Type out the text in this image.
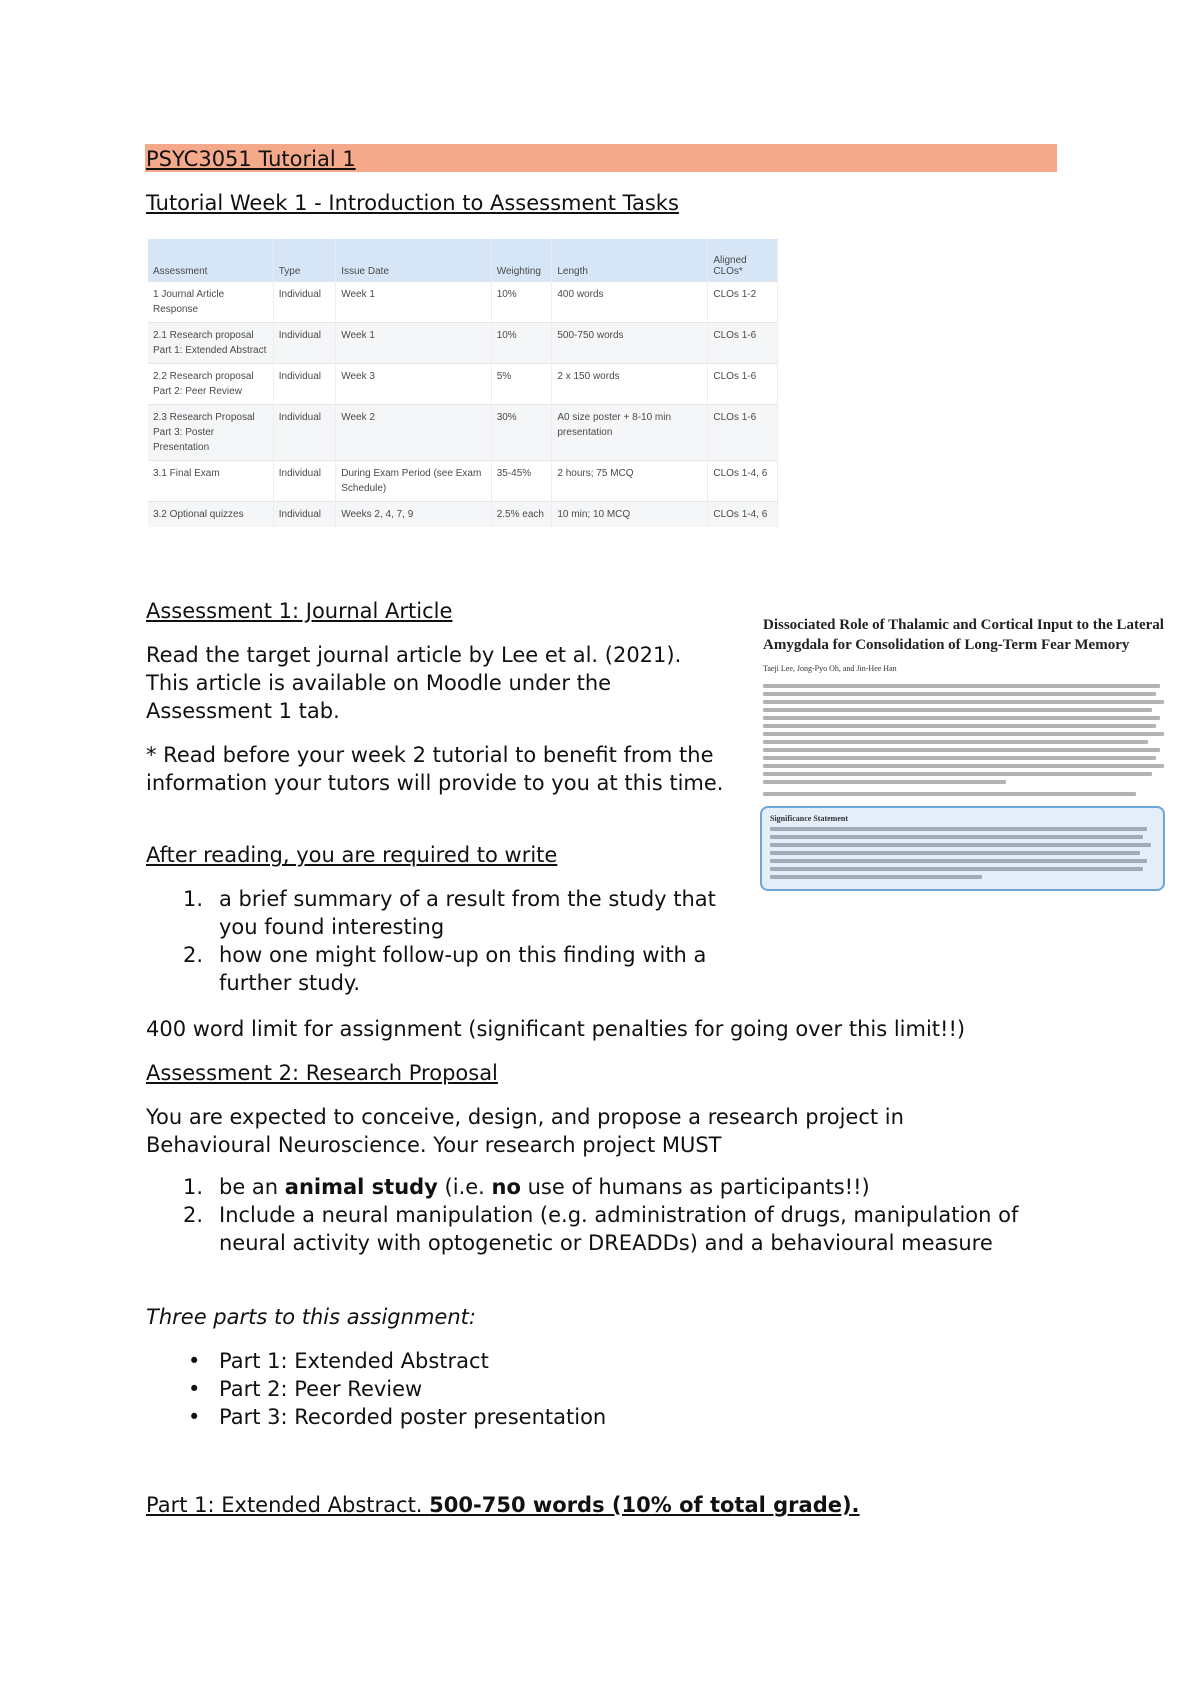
PSYC3051 Tutorial 1

Tutorial Week 1 - Introduction to Assessment Tasks

Assessment	Type	Issue Date	Weighting	Length	Aligned CLOs*
1 Journal Article Response	Individual	Week 1	10%	400 words	CLOs 1-2
2.1 Research proposal Part 1: Extended Abstract	Individual	Week 1	10%	500-750 words	CLOs 1-6
2.2 Research proposal Part 2: Peer Review	Individual	Week 3	5%	2 x 150 words	CLOs 1-6
2.3 Research Proposal Part 3: Poster Presentation	Individual	Week 2	30%	A0 size poster + 8-10 min presentation	CLOs 1-6
3.1 Final Exam	Individual	During Exam Period (see Exam Schedule)	35-45%	2 hours; 75 MCQ	CLOs 1-4, 6
3.2 Optional quizzes	Individual	Weeks 2, 4, 7, 9	2.5% each	10 min; 10 MCQ	CLOs 1-4, 6

Assessment 1: Journal Article

Read the target journal article by Lee et al. (2021). This article is available on Moodle under the Assessment 1 tab.

* Read before your week 2 tutorial to benefit from the information your tutors will provide to you at this time.

After reading, you are required to write

1. a brief summary of a result from the study that you found interesting
2. how one might follow-up on this finding with a further study.

400 word limit for assignment (significant penalties for going over this limit!!)

Dissociated Role of Thalamic and Cortical Input to the Lateral Amygdala for Consolidation of Long-Term Fear Memory

Taeji Lee, Jong-Pyo Oh, and Jin-Hee Han

Significance Statement

Assessment 2: Research Proposal

You are expected to conceive, design, and propose a research project in Behavioural Neuroscience. Your research project MUST

1. be an animal study (i.e. no use of humans as participants!!)
2. Include a neural manipulation (e.g. administration of drugs, manipulation of neural activity with optogenetic or DREADDs) and a behavioural measure

Three parts to this assignment:

• Part 1: Extended Abstract
• Part 2: Peer Review
• Part 3: Recorded poster presentation

Part 1: Extended Abstract. 500-750 words (10% of total grade).
